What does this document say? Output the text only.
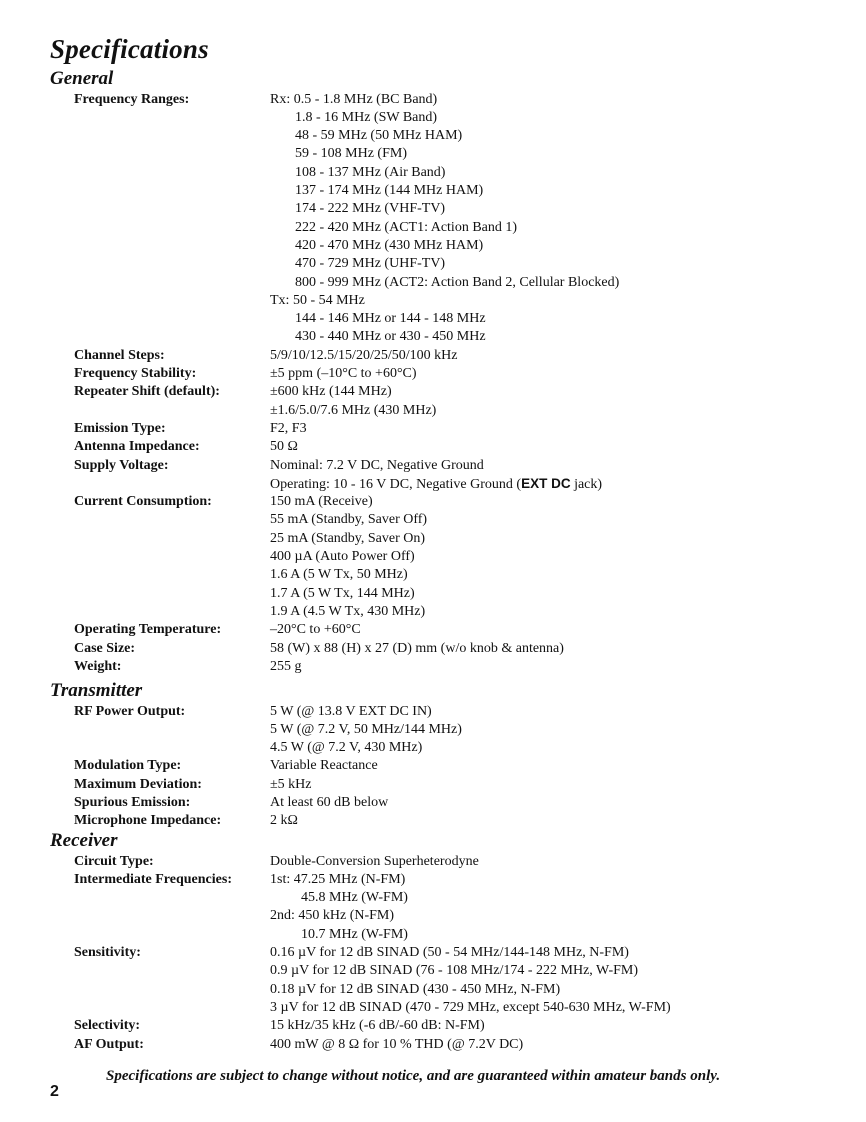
Specifications
General
Frequency Ranges:	Rx: 0.5 - 1.8 MHz (BC Band)
1.8 - 16 MHz (SW Band)
48 - 59 MHz (50 MHz HAM)
59 - 108 MHz (FM)
108 - 137 MHz (Air Band)
137 - 174 MHz (144 MHz HAM)
174 - 222 MHz (VHF-TV)
222 - 420 MHz (ACT1: Action Band 1)
420 - 470 MHz (430 MHz HAM)
470 - 729 MHz (UHF-TV)
800 - 999 MHz (ACT2: Action Band 2, Cellular Blocked)
Tx: 50 - 54 MHz
144 - 146 MHz or 144 - 148 MHz
430 - 440 MHz or 430 - 450 MHz
Channel Steps:	5/9/10/12.5/15/20/25/50/100 kHz
Frequency Stability:	±5 ppm (–10°C to +60°C)
Repeater Shift (default):	±600 kHz (144 MHz)
±1.6/5.0/7.6 MHz (430 MHz)
Emission Type:	F2, F3
Antenna Impedance:	50 Ω
Supply Voltage:	Nominal: 7.2 V DC, Negative Ground
Operating: 10 - 16 V DC, Negative Ground (EXT DC jack)
Current Consumption:	150 mA (Receive)
55 mA (Standby, Saver Off)
25 mA (Standby, Saver On)
400 µA (Auto Power Off)
1.6 A (5 W Tx, 50 MHz)
1.7 A (5 W Tx, 144 MHz)
1.9 A (4.5 W Tx, 430 MHz)
Operating Temperature:	–20°C to +60°C
Case Size:	58 (W) x 88 (H) x 27 (D) mm (w/o knob & antenna)
Weight:	255 g
Transmitter
RF Power Output:	5 W (@ 13.8 V EXT DC IN)
5 W (@ 7.2 V, 50 MHz/144 MHz)
4.5 W (@ 7.2 V, 430 MHz)
Modulation Type:	Variable Reactance
Maximum Deviation:	±5 kHz
Spurious Emission:	At least 60 dB below
Microphone Impedance:	2 kΩ
Receiver
Circuit Type:	Double-Conversion Superheterodyne
Intermediate Frequencies:	1st: 47.25 MHz (N-FM)
45.8 MHz (W-FM)
2nd: 450 kHz (N-FM)
10.7 MHz (W-FM)
Sensitivity:	0.16 µV for 12 dB SINAD (50 - 54 MHz/144-148 MHz, N-FM)
0.9 µV for 12 dB SINAD (76 - 108 MHz/174 - 222 MHz, W-FM)
0.18 µV for 12 dB SINAD (430 - 450 MHz, N-FM)
3 µV for 12 dB SINAD (470 - 729 MHz, except 540-630 MHz, W-FM)
Selectivity:	15 kHz/35 kHz (-6 dB/-60 dB: N-FM)
AF Output:	400 mW @ 8 Ω for 10 % THD (@ 7.2V DC)
Specifications are subject to change without notice, and are guaranteed within amateur bands only.
2
